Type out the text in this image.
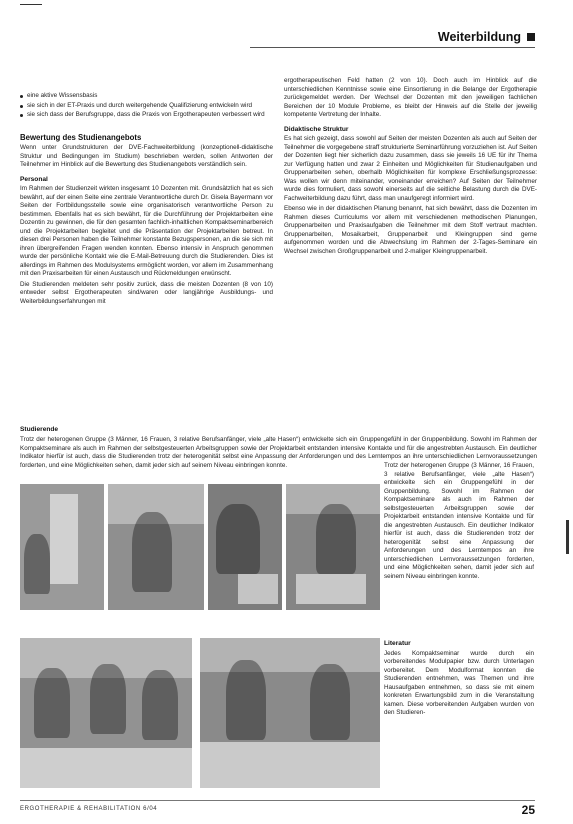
Weiterbildung
eine aktive Wissensbasis
sie sich in der ET-Praxis und durch weitergehende Qualifizierung entwickeln wird
sie sich dass der Berufsgruppe, dass die Praxis von Ergotherapeuten verbessert wird
Bewertung des Studienangebots

Wenn unter Grundstrukturen der DVE-Fachweiterbildung (konzeptionell-didaktische Struktur und Bedingungen im Studium) beschrieben werden, sollen Antworten der Teilnehmer im Hinblick auf die Bewertung des Studienangebots verständlich sein.

Personal

Im Rahmen der Studienzeit wirkten insgesamt 10 Dozenten mit. Grundsätzlich hat es sich bewährt, auf der einen Seite eine zentrale Verantwortliche durch Dr. Gisela Bayermann vor Seiten der Fortbildungsstelle sowie eine organisatorisch verantwortliche Person zu bestimmen. Ebenfalls hat es sich bewährt, für die Durchführung der Projektarbeiten eine Dozentin zu gewinnen, die für den gesamten fachlich-inhaltlichen Kompaktseminarbereich und die Projektarbeiten begleitet und die Präsentation der Projektarbeiten betreut. In diesen drei Personen haben die Teilnehmer konstante Bezugspersonen, an die sie sich mit ihren übergreifenden Fragen wenden konnten. Ebenso intensiv in Anspruch genommen wurde der persönliche Kontakt wie die E-Mail-Betreuung durch die Studierenden. Dies ist allerdings im Rahmen des Modulsystems ermöglicht worden, vor allem im Zusammenhang mit den Praxisarbeiten für einen Austausch und Rückmeldungen erwünscht.

Die Studierenden meldeten sehr positiv zurück, dass die meisten Dozenten (8 von 10) entweder selbst Ergotherapeuten sind/waren oder langjährige Ausbildungs- und Weiterbildungserfahrungen mit

ergotherapeutischen Feld hatten (2 von 10). Doch auch im Hinblick auf die unterschiedlichen Kenntnisse sowie eine Einsortierung in die Belange der Ergotherapie zurückgemeldet werden. Der Wechsel der Dozenten mit den jeweiligen fachlichen Bereichen der 10 Module Probleme, es bleibt der Hinweis auf die Stelle der jeweilig kompetente Vertretung der Inhalte.

Didaktische Struktur

Es hat sich gezeigt, dass sowohl auf Seiten der meisten Dozenten als auch auf Seiten der Teilnehmer die vorgegebene straff strukturierte Seminarführung vorzuziehen ist. Auf Seiten der Dozenten liegt hier sicherlich dazu zusammen, dass sie jeweils 16 UE für ihr Thema zur Verfügung hatten und zwar 2 Einheiten und Möglichkeiten für Studienaufgaben und Gruppenarbeiten sehen, oberhalb Möglichkeiten für komplexe Erschließungsprozesse: Was wollen wir denn miteinander, voneinander erreichen? Auf Seiten der Teilnehmer wurde dies formuliert, dass sowohl einerseits auf die seitliche Belastung durch die DVE-Fachweiterbildung dazu führt, dass man unaufgeregt informiert wird.

Ebenso wie in der didaktischen Planung benannt, hat sich bewährt, dass die Dozenten im Rahmen dieses Curriculums vor allem mit verschiedenen methodischen Planungen, Gruppenarbeiten und Praxisaufgaben die Teilnehmer mit dem Stoff vertraut machten. Gruppenarbeiten, Mosaikarbeit, Gruppenarbeit und Kleingruppen sind gerne aufgenommen worden und die Abwechslung im Rahmen der 2-Tages-Seminare ein Wechsel zwischen Großgruppenarbeit und 2-maliger Kleingruppenarbeit.

Studierende

Trotz der heterogenen Gruppe (3 Männer, 16 Frauen, 3 relative Berufsanfänger, viele „alte Hasen“) entwickelte sich ein Gruppengefühl in der Gruppenbildung. Sowohl im Rahmen der Kompaktseminare als auch im Rahmen der selbstgesteuerten Arbeitsgruppen sowie der Projektarbeit entstanden intensive Kontakte und für die angestrebten Austausch. Ein deutlicher Indikator hierfür ist auch, dass die Studierenden trotz der heterogenität selbst eine Anpassung der Anforderungen und des Lerntempos an ihre unterschiedlichen Lernvoraussetzungen forderten, und eine Möglichkeiten sehen, damit jeder sich auf seinem Niveau einbringen konnte.	Trotz der heterogenen Gruppe (3 Männer, 16 Frauen, 3 relative Berufsanfänger, viele „alte Hasen“) entwickelte sich ein Gruppengefühl in der Gruppenbildung. Sowohl im Rahmen der Kompaktseminare als auch im Rahmen der selbstgesteuerten Arbeitsgruppen sowie der Projektarbeit entstanden intensive Kontakte und für die angestrebten Austausch. Ein deutlicher Indikator hierfür ist auch, dass die Studierenden trotz der heterogenität selbst eine Anpassung der Anforderungen und des Lerntempos an ihre unterschiedlichen Lernvoraussetzungen forderten, und eine Möglichkeiten sehen, damit jeder sich auf seinem Niveau einbringen konnte.

Literatur

Jedes Kompaktseminar wurde durch ein vorbereitendes Modulpapier bzw. durch Unterlagen vorbereitet. Dem Modulformat konnten die Studierenden entnehmen, was Themen und ihre Hausaufgaben entnehmen, so dass sie mit einem konkreten Erwartungsbild zum in die Veranstaltung kamen. Diese vorbereitenden Aufgaben wurden von den Studieren-

ERGOTHERAPIE & REHABILITATION 6/04	25
